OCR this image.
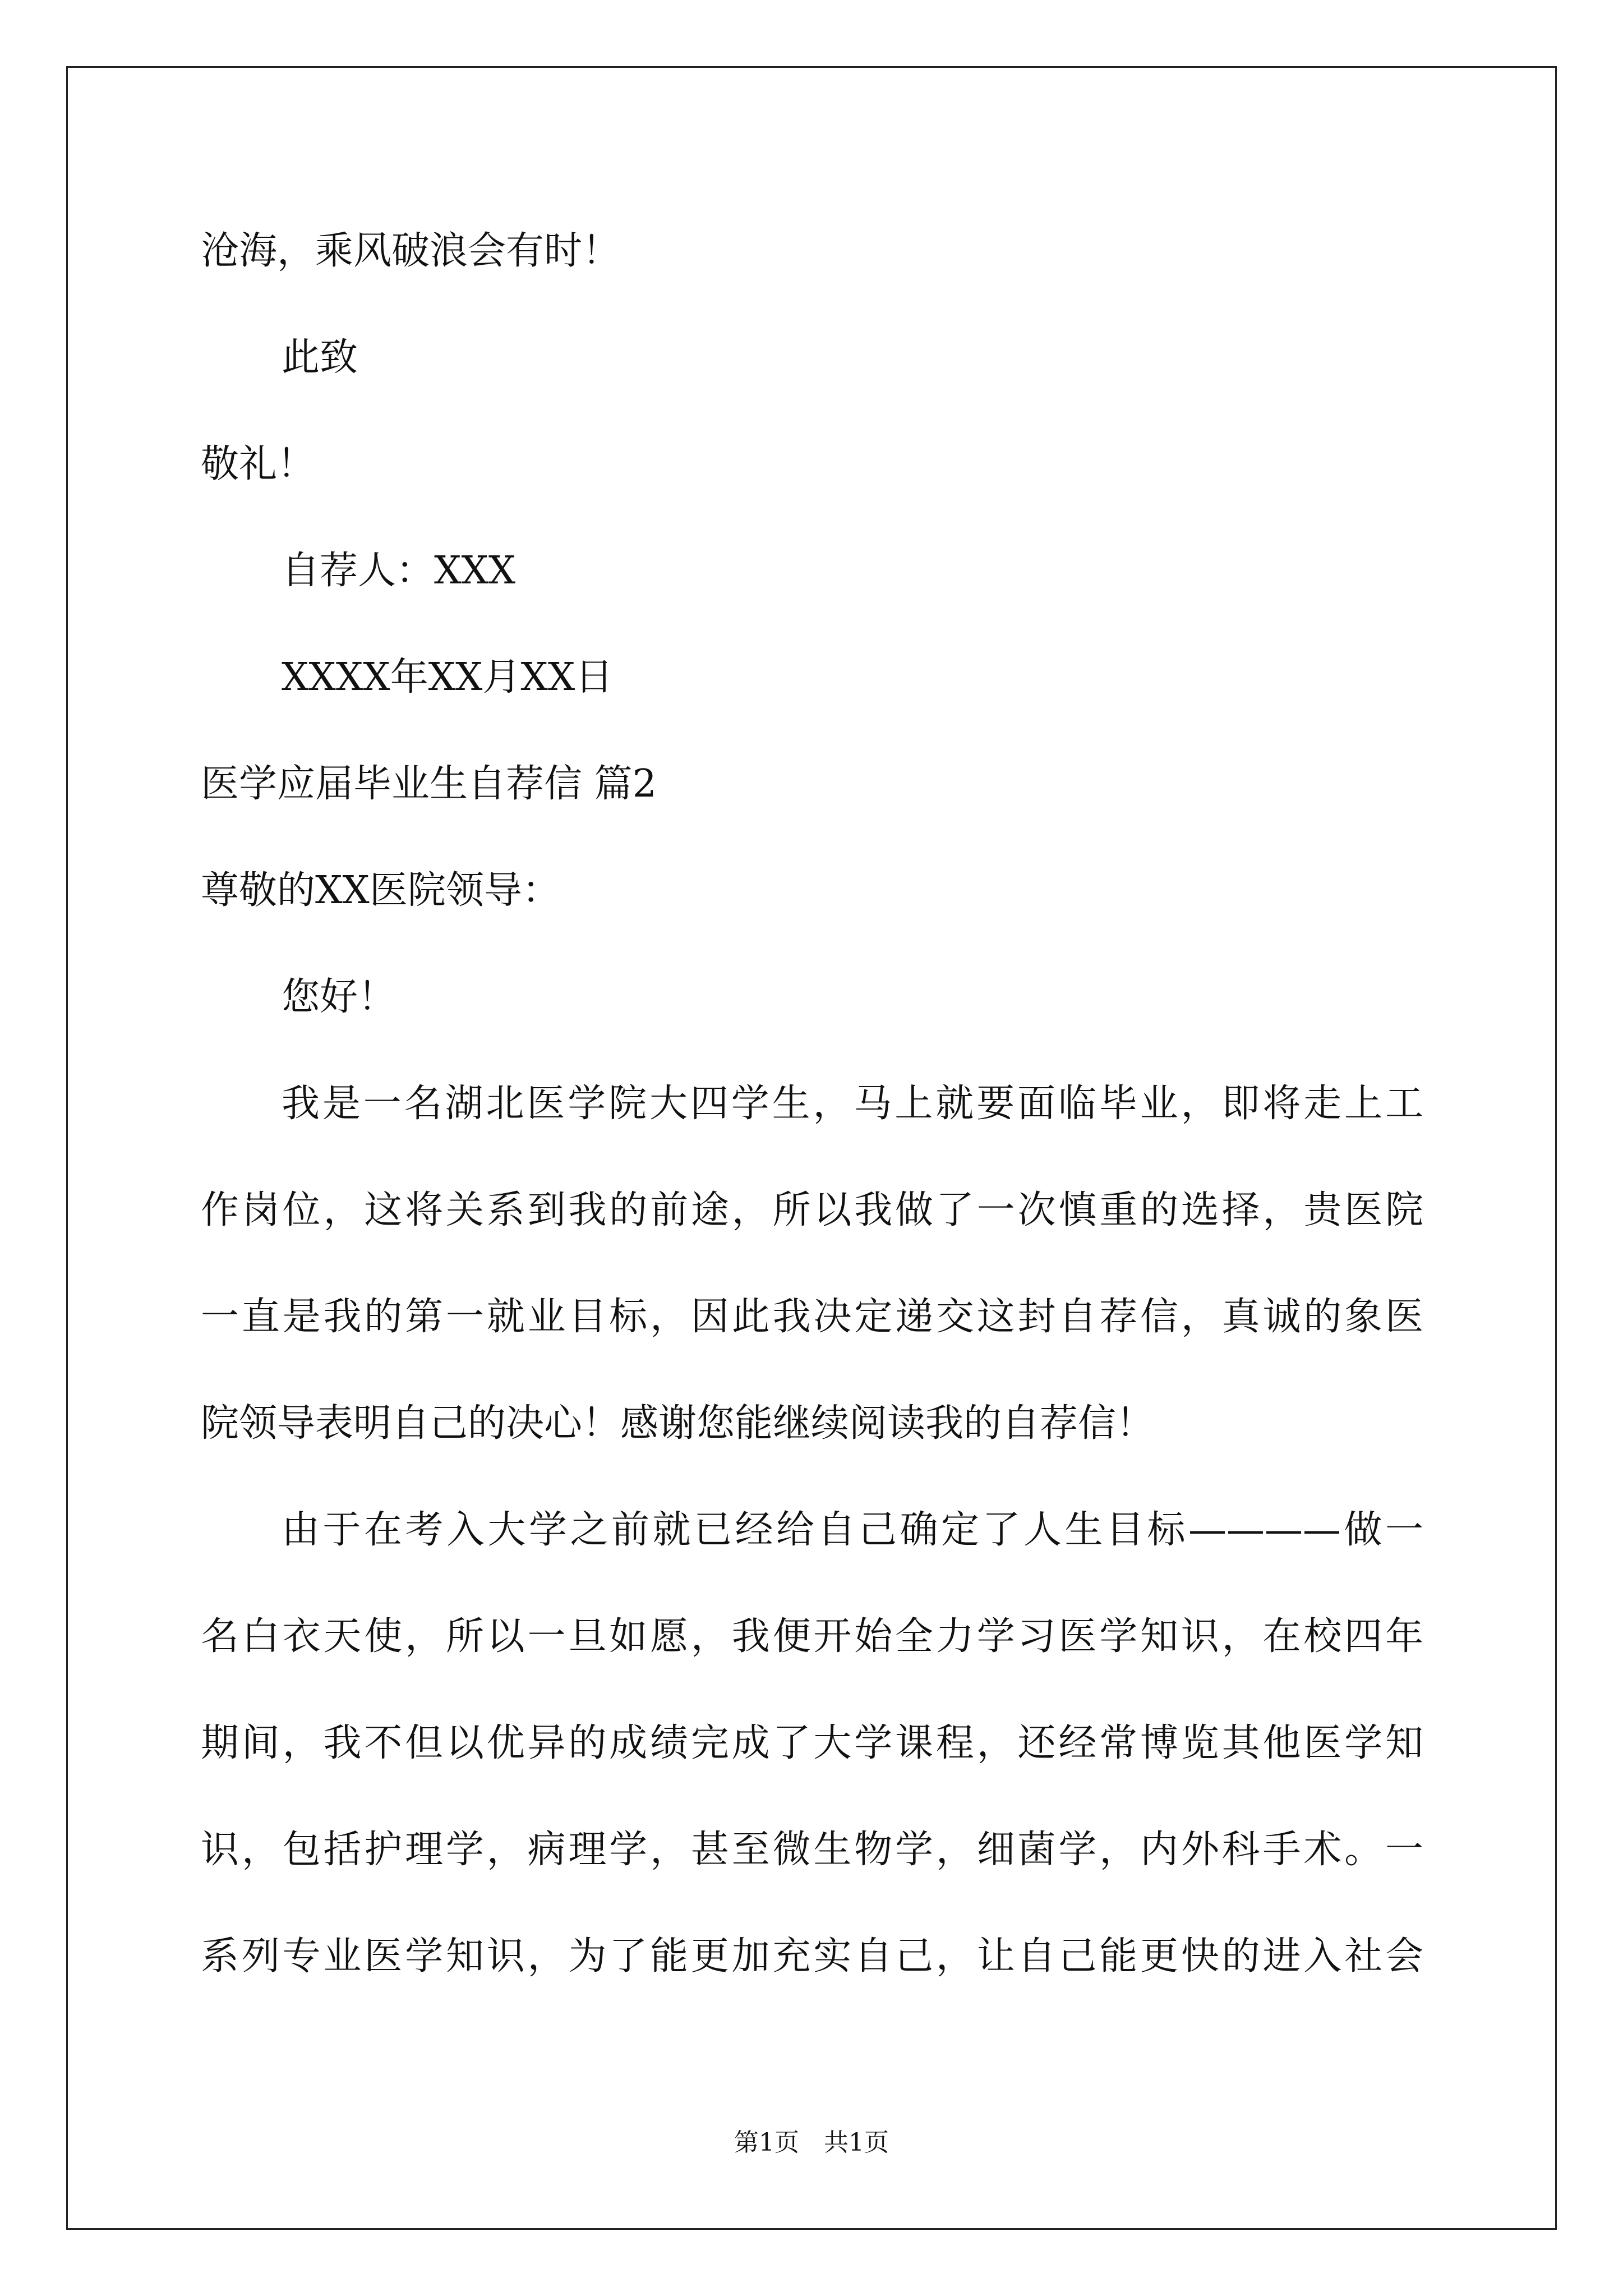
沧海，乘风破浪会有时！
此致
敬礼！
自荐人：XXX
XXXX年XX月XX日
医学应届毕业生自荐信 篇2
尊敬的XX医院领导：
您好！
我是一名湖北医学院大四学生，马上就要面临毕业，即将走上工
作岗位，这将关系到我的前途，所以我做了一次慎重的选择，贵医院
一直是我的第一就业目标，因此我决定递交这封自荐信，真诚的象医
院领导表明自己的决心！感谢您能继续阅读我的自荐信！
由于在考入大学之前就已经给自己确定了人生目标————做一
名白衣天使，所以一旦如愿，我便开始全力学习医学知识，在校四年
期间，我不但以优异的成绩完成了大学课程，还经常博览其他医学知
识，包括护理学，病理学，甚至微生物学，细菌学，内外科手术。一
系列专业医学知识，为了能更加充实自己，让自己能更快的进入社会
第1页 共1页
